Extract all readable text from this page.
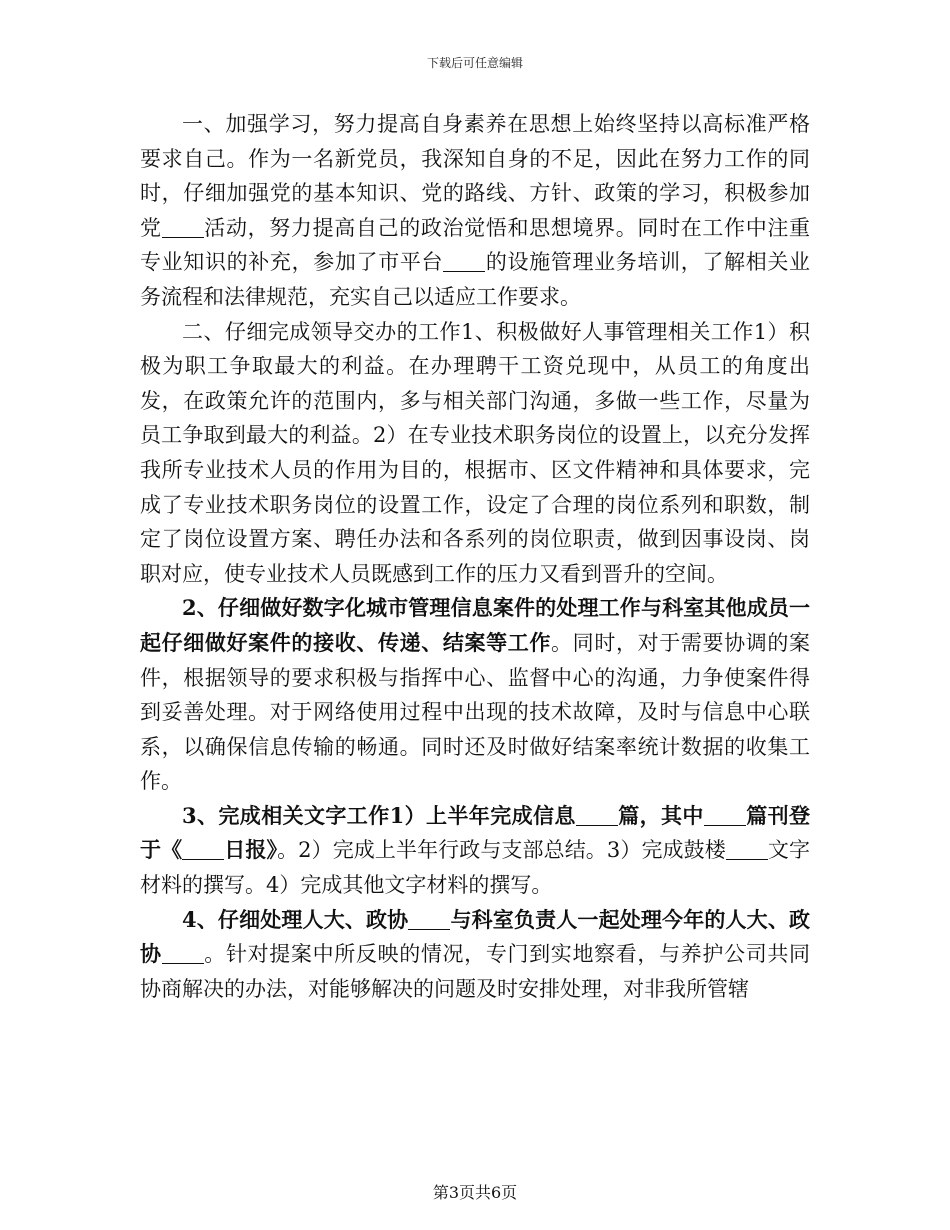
下载后可任意编辑

一、加强学习，努力提高自身素养在思想上始终坚持以高标准严格要求自己。作为一名新党员，我深知自身的不足，因此在努力工作的同时，仔细加强党的基本知识、党的路线、方针、政策的学习，积极参加党 活动，努力提高自己的政治觉悟和思想境界。同时在工作中注重专业知识的补充，参加了市平台 的设施管理业务培训，了解相关业务流程和法律规范，充实自己以适应工作要求。

二、仔细完成领导交办的工作1、积极做好人事管理相关工作1）积极为职工争取最大的利益。在办理聘干工资兑现中，从员工的角度出发，在政策允许的范围内，多与相关部门沟通，多做一些工作，尽量为员工争取到最大的利益。2）在专业技术职务岗位的设置上，以充分发挥我所专业技术人员的作用为目的，根据市、区文件精神和具体要求，完成了专业技术职务岗位的设置工作，设定了合理的岗位系列和职数，制定了岗位设置方案、聘任办法和各系列的岗位职责，做到因事设岗、岗职对应，使专业技术人员既感到工作的压力又看到晋升的空间。

2、仔细做好数字化城市管理信息案件的处理工作与科室其他成员一起仔细做好案件的接收、传递、结案等工作。同时，对于需要协调的案件，根据领导的要求积极与指挥中心、监督中心的沟通，力争使案件得到妥善处理。对于网络使用过程中出现的技术故障，及时与信息中心联系，以确保信息传输的畅通。同时还及时做好结案率统计数据的收集工作。

3、完成相关文字工作1）上半年完成信息 篇，其中 篇刊登于《 日报》。2）完成上半年行政与支部总结。3）完成鼓楼 文字材料的撰写。4）完成其他文字材料的撰写。

4、仔细处理人大、政协 与科室负责人一起处理今年的人大、政协 。针对提案中所反映的情况，专门到实地察看，与养护公司共同协商解决的办法，对能够解决的问题及时安排处理，对非我所管辖

第3页共6页
